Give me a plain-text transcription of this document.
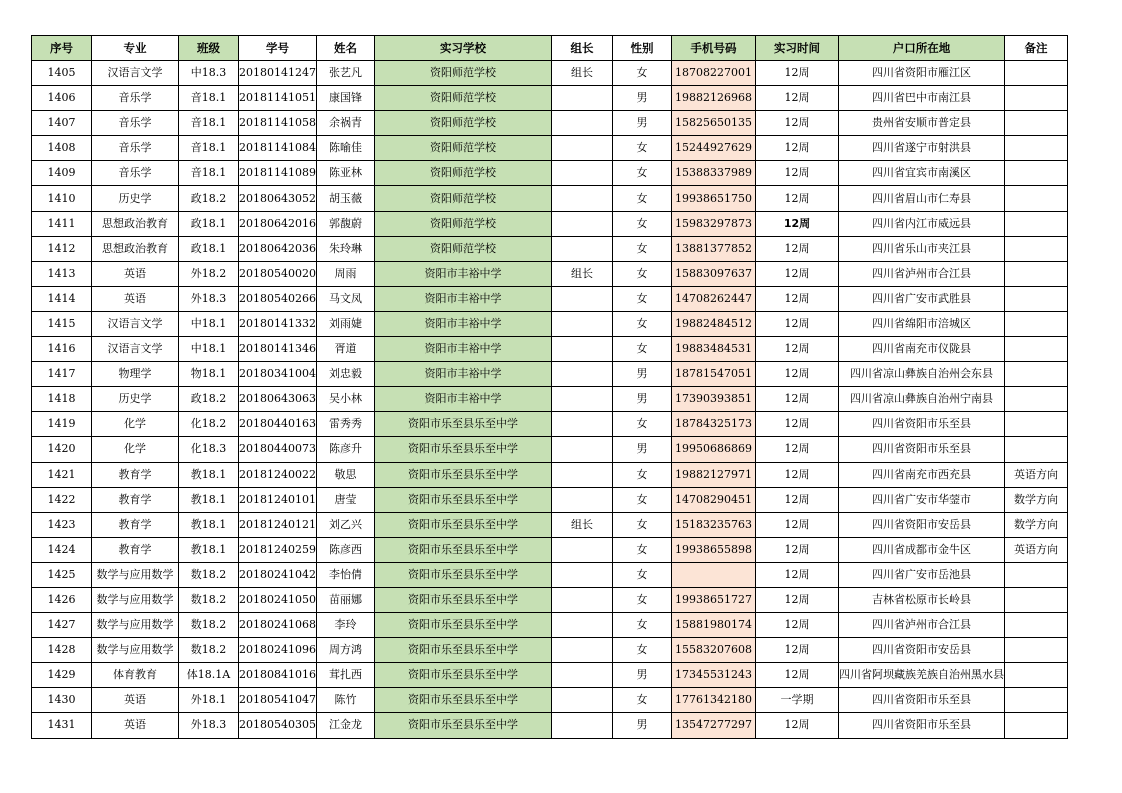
序号	专业	班级	学号	姓名	实习学校	组长	性别	手机号码	实习时间	户口所在地	备注
1405	汉语言文学	中18.3	20180141247	张艺凡	资阳师范学校	组长	女	18708227001	12周	四川省资阳市雁江区	
1406	音乐学	音18.1	20181141051	康国锋	资阳师范学校		男	19882126968	12周	四川省巴中市南江县	
1407	音乐学	音18.1	20181141058	余祸青	资阳师范学校		男	15825650135	12周	贵州省安顺市普定县	
1408	音乐学	音18.1	20181141084	陈喻佳	资阳师范学校		女	15244927629	12周	四川省遂宁市射洪县	
1409	音乐学	音18.1	20181141089	陈亚林	资阳师范学校		女	15388337989	12周	四川省宜宾市南溪区	
1410	历史学	政18.2	20180643052	胡玉薇	资阳师范学校		女	19938651750	12周	四川省眉山市仁寿县	
1411	思想政治教育	政18.1	20180642016	郭馥蔚	资阳师范学校		女	15983297873	12周	四川省内江市威远县	
1412	思想政治教育	政18.1	20180642036	朱玲琳	资阳师范学校		女	13881377852	12周	四川省乐山市夹江县	
1413	英语	外18.2	20180540020	周雨	资阳市丰裕中学	组长	女	15883097637	12周	四川省泸州市合江县	
1414	英语	外18.3	20180540266	马文凤	资阳市丰裕中学		女	14708262447	12周	四川省广安市武胜县	
1415	汉语言文学	中18.1	20180141332	刘雨婕	资阳市丰裕中学		女	19882484512	12周	四川省绵阳市涪城区	
1416	汉语言文学	中18.1	20180141346	胥道	资阳市丰裕中学		女	19883484531	12周	四川省南充市仪陇县	
1417	物理学	物18.1	20180341004	刘忠毅	资阳市丰裕中学		男	18781547051	12周	四川省凉山彝族自治州会东县	
1418	历史学	政18.2	20180643063	吴小林	资阳市丰裕中学		男	17390393851	12周	四川省凉山彝族自治州宁南县	
1419	化学	化18.2	20180440163	雷秀秀	资阳市乐至县乐至中学		女	18784325173	12周	四川省资阳市乐至县	
1420	化学	化18.3	20180440073	陈彦升	资阳市乐至县乐至中学		男	19950686869	12周	四川省资阳市乐至县	
1421	教育学	教18.1	20181240022	敬思	资阳市乐至县乐至中学		女	19882127971	12周	四川省南充市西充县	英语方向
1422	教育学	教18.1	20181240101	唐莹	资阳市乐至县乐至中学		女	14708290451	12周	四川省广安市华蓥市	数学方向
1423	教育学	教18.1	20181240121	刘乙兴	资阳市乐至县乐至中学	组长	女	15183235763	12周	四川省资阳市安岳县	数学方向
1424	教育学	教18.1	20181240259	陈彦西	资阳市乐至县乐至中学		女	19938655898	12周	四川省成都市金牛区	英语方向
1425	数学与应用数学	数18.2	20180241042	李怡倩	资阳市乐至县乐至中学		女		12周	四川省广安市岳池县	
1426	数学与应用数学	数18.2	20180241050	苗丽娜	资阳市乐至县乐至中学		女	19938651727	12周	吉林省松原市长岭县	
1427	数学与应用数学	数18.2	20180241068	李玲	资阳市乐至县乐至中学		女	15881980174	12周	四川省泸州市合江县	
1428	数学与应用数学	数18.2	20180241096	周方鸿	资阳市乐至县乐至中学		女	15583207608	12周	四川省资阳市安岳县	
1429	体育教育	体18.1A	20180841016	茸扎西	资阳市乐至县乐至中学		男	17345531243	12周	四川省阿坝藏族羌族自治州黑水县	
1430	英语	外18.1	20180541047	陈竹	资阳市乐至县乐至中学		女	17761342180	一学期	四川省资阳市乐至县	
1431	英语	外18.3	20180540305	江金龙	资阳市乐至县乐至中学		男	13547277297	12周	四川省资阳市乐至县	
